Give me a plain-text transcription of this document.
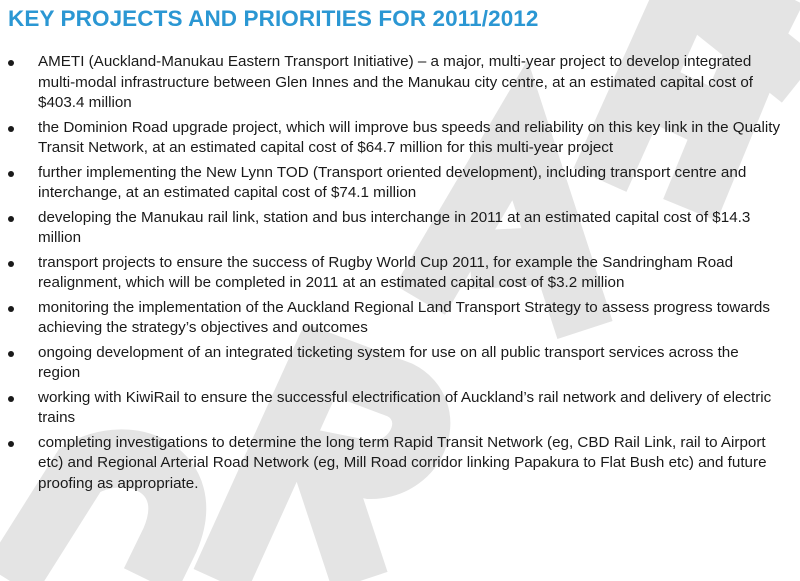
KEY PROJECTS AND PRIORITIES FOR 2011/2012
AMETI (Auckland-Manukau Eastern Transport Initiative) – a major, multi-year project to develop integrated multi-modal infrastructure between Glen Innes and the Manukau city centre, at an estimated capital cost of $403.4 million
the Dominion Road upgrade project, which will improve bus speeds and reliability on this key link in the Quality Transit Network, at an estimated capital cost of $64.7 million for this multi-year project
further implementing the New Lynn TOD (Transport oriented development), including transport centre and interchange, at an estimated capital cost of $74.1 million
developing the Manukau rail link, station and bus interchange in 2011 at an estimated capital cost of $14.3 million
transport projects to ensure the success of Rugby World Cup 2011, for example the Sandringham Road realignment, which will be completed in 2011 at an estimated capital cost of $3.2 million
monitoring the implementation of the Auckland Regional Land Transport Strategy to assess progress towards achieving the strategy’s objectives and outcomes
ongoing development of an integrated ticketing system for use on all public transport services across the region
working with KiwiRail to ensure the successful electrification of Auckland’s rail network and delivery of electric trains
completing investigations to determine the long term Rapid Transit Network (eg, CBD Rail Link, rail to Airport etc) and Regional Arterial Road Network (eg, Mill Road corridor linking Papakura to Flat Bush etc) and future proofing as appropriate.
